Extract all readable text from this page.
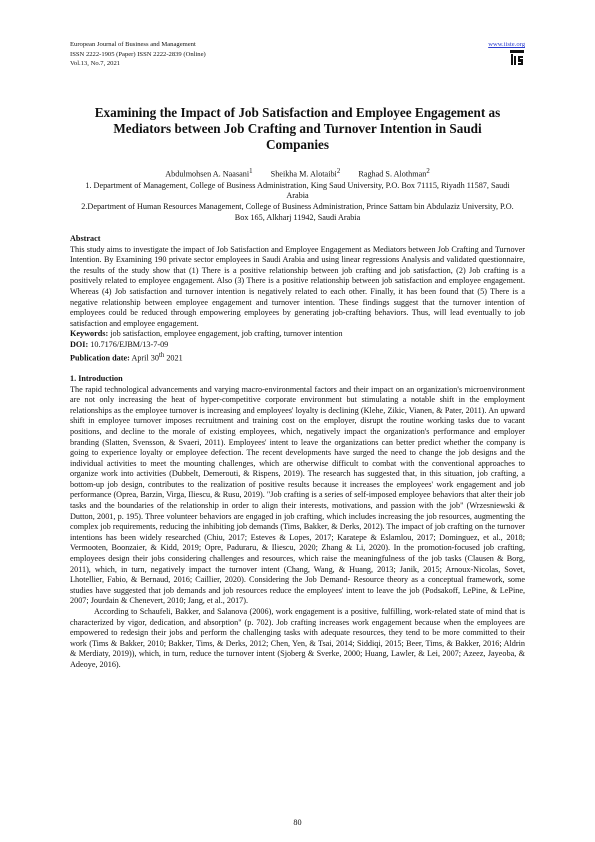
European Journal of Business and Management
ISSN 2222-1905 (Paper) ISSN 2222-2839 (Online)
Vol.13, No.7, 2021
www.iiste.org
Examining the Impact of Job Satisfaction and Employee Engagement as Mediators between Job Crafting and Turnover Intention in Saudi Companies
Abdulmohsen A. Naasani$^1$ Sheikha M. Alotaibi$^2$ Raghad S. Alothman$^2$
1. Department of Management, College of Business Administration, King Saud University, P.O. Box 71115, Riyadh 11587, Saudi Arabia
2.Department of Human Resources Management, College of Business Administration, Prince Sattam bin Abdulaziz University, P.O. Box 165, Alkharj 11942, Saudi Arabia
Abstract

This study aims to investigate the impact of Job Satisfaction and Employee Engagement as Mediators between Job Crafting and Turnover Intention. By Examining 190 private sector employees in Saudi Arabia and using linear regressions Analysis and validated questionnaire, the results of the study show that (1) There is a positive relationship between job crafting and job satisfaction, (2) Job crafting is a positively related to employee engagement. Also (3) There is a positive relationship between job satisfaction and employee engagement. Whereas (4) Job satisfaction and turnover intention is negatively related to each other. Finally, it has been found that (5) There is a negative relationship between employee engagement and turnover intention. These findings suggest that the turnover intention of employees could be reduced through empowering employees by generating job-crafting behaviors. Thus, will lead eventually to job satisfaction and employee engagement.

Keywords: job satisfaction, employee engagement, job crafting, turnover intention
DOI: 10.7176/EJBM/13-7-09
Publication date: April 30th 2021
1. Introduction

The rapid technological advancements and varying macro-environmental factors and their impact on an organization's microenvironment are not only increasing the heat of hyper-competitive corporate environment but stimulating a notable shift in the employment relationships as the employee turnover is increasing and employees' loyalty is declining (Klehe, Zikic, Vianen, & Pater, 2011). An upward shift in employee turnover imposes recruitment and training cost on the employer, disrupt the routine working tasks due to vacant positions, and decline to the morale of existing employees, which, negatively impact the organization's performance and employer branding (Slatten, Svensson, & Svaeri, 2011). Employees' intent to leave the organizations can better predict whether the company is going to experience loyalty or employee defection. The recent developments have surged the need to change the job designs and the individual activities to meet the mounting challenges, which are otherwise difficult to combat with the conventional approaches to organize work into activities (Dubbelt, Demerouti, & Rispens, 2019). The research has suggested that, in this situation, job crafting, a bottom-up job design, contributes to the realization of positive results because it increases the employees' work engagement and job performance (Oprea, Barzin, Virga, Iliescu, & Rusu, 2019). "Job crafting is a series of self-imposed employee behaviors that alter their job tasks and the boundaries of the relationship in order to align their interests, motivations, and passion with the job" (Wrzesniewski & Dutton, 2001, p. 195). Three volunteer behaviors are engaged in job crafting, which includes increasing the job resources, augmenting the complex job requirements, reducing the inhibiting job demands (Tims, Bakker, & Derks, 2012). The impact of job crafting on the turnover intentions has been widely researched (Chiu, 2017; Esteves & Lopes, 2017; Karatepe & Eslamlou, 2017; Dominguez, et al., 2018; Vermooten, Boonzaier, & Kidd, 2019; Opre, Paduraru, & Iliescu, 2020; Zhang & Li, 2020). In the promotion-focused job crafting, employees design their jobs considering challenges and resources, which raise the meaningfulness of the job tasks (Clausen & Borg, 2011), which, in turn, negatively impact the turnover intent (Chang, Wang, & Huang, 2013; Janik, 2015; Arnoux-Nicolas, Sovet, Lhotellier, Fabio, & Bernaud, 2016; Caillier, 2020). Considering the Job Demand- Resource theory as a conceptual framework, some studies have suggested that job demands and job resources reduce the employees' intent to leave the job (Podsakoff, LePine, & LePine, 2007; Jourdain & Chenevert, 2010; Jang, et al., 2017).

According to Schaufeli, Bakker, and Salanova (2006), work engagement is a positive, fulfilling, work-related state of mind that is characterized by vigor, dedication, and absorption" (p. 702). Job crafting increases work engagement because when the employees are empowered to redesign their jobs and perform the challenging tasks with adequate resources, they tend to be more committed to their work (Tims & Bakker, 2010; Bakker, Tims, & Derks, 2012; Chen, Yen, & Tsai, 2014; Siddiqi, 2015; Beer, Tims, & Bakker, 2016; Aldrin & Merdiaty, 2019)), which, in turn, reduce the turnover intent (Sjoberg & Sverke, 2000; Huang, Lawler, & Lei, 2007; Azeez, Jayeoba, & Adeoye, 2016).

80
